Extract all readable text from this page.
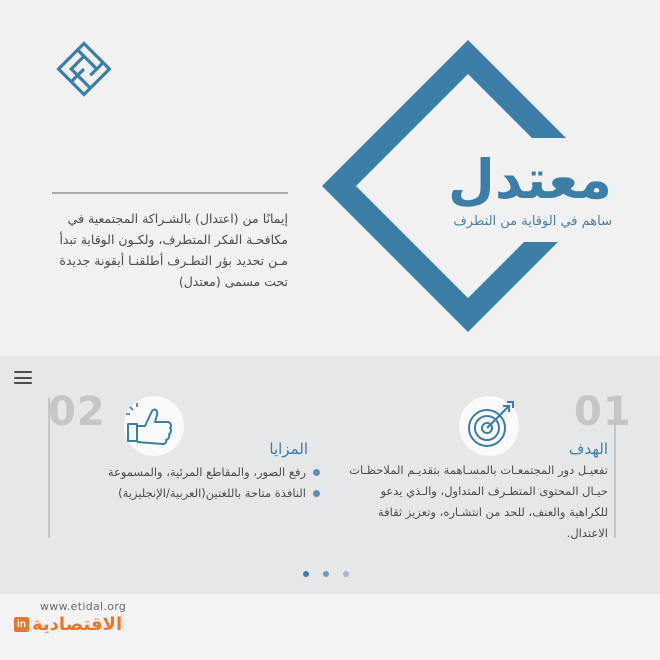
معتدل
ساهم في الوقاية من التطرف
إيمانًا من (اعتدال) بالشـراكة المجتمعية في مكافحـة الفكر المتطرف، ولكـون الوقاية تبدأ مـن تحديد بؤر التطـرف أطلقنـا أيقونة جديدة تحت مسمى (معتدل)
02
المزايا
رفع الصور، والمقاطع المرئية، والمسموعة
النافذة متاحة باللغتين(العربية/الإنجليزية)
01
الهدف
تفعيـل دور المجتمعـات بالمسـاهمة بتقديـم الملاحظـات حيـال المحتوى المتطـرف المتداول، والـذي يدعو للكراهية والعنف، للحد من انتشـاره، وتعزيز ثقافة الاعتدال.
www.etidal.org
in الاقتصادية
